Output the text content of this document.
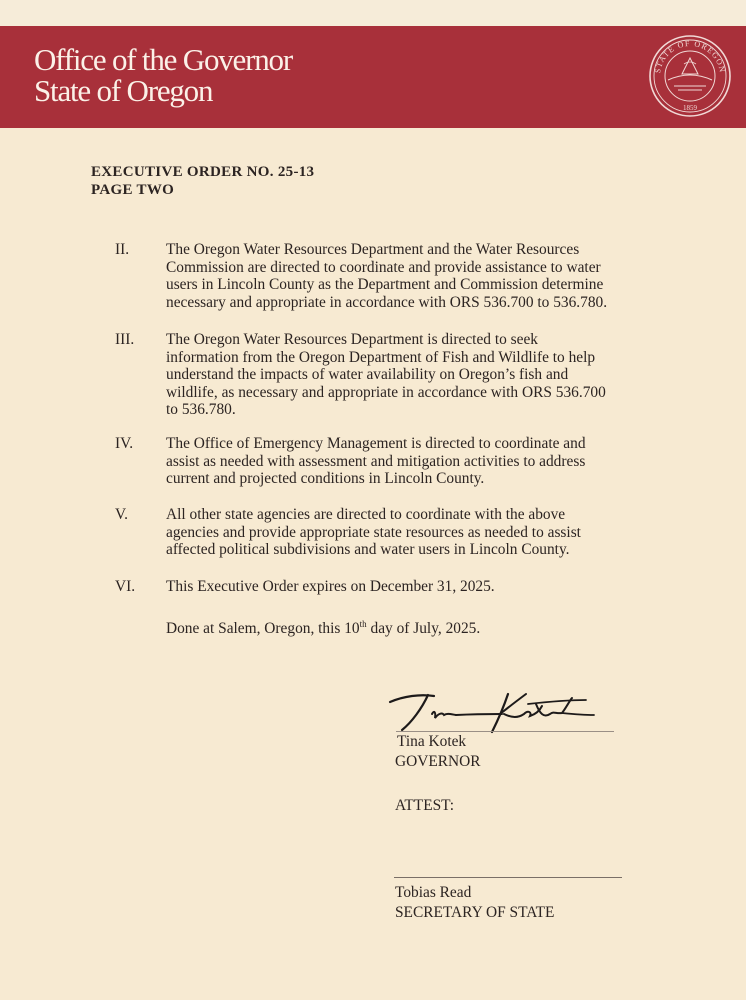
Office of the Governor
State of Oregon
STATE OF OREGON
1859
EXECUTIVE ORDER NO. 25-13
PAGE TWO
II. The Oregon Water Resources Department and the Water Resources
Commission are directed to coordinate and provide assistance to water
users in Lincoln County as the Department and Commission determine
necessary and appropriate in accordance with ORS 536.700 to 536.780.
III. The Oregon Water Resources Department is directed to seek
information from the Oregon Department of Fish and Wildlife to help
understand the impacts of water availability on Oregon’s fish and
wildlife, as necessary and appropriate in accordance with ORS 536.700
to 536.780.
IV. The Office of Emergency Management is directed to coordinate and
assist as needed with assessment and mitigation activities to address
current and projected conditions in Lincoln County.
V. All other state agencies are directed to coordinate with the above
agencies and provide appropriate state resources as needed to assist
affected political subdivisions and water users in Lincoln County.
VI. This Executive Order expires on December 31, 2025.
Done at Salem, Oregon, this 10th day of July, 2025.
Tina Kotek
GOVERNOR
ATTEST:
Tobias Read
SECRETARY OF STATE
